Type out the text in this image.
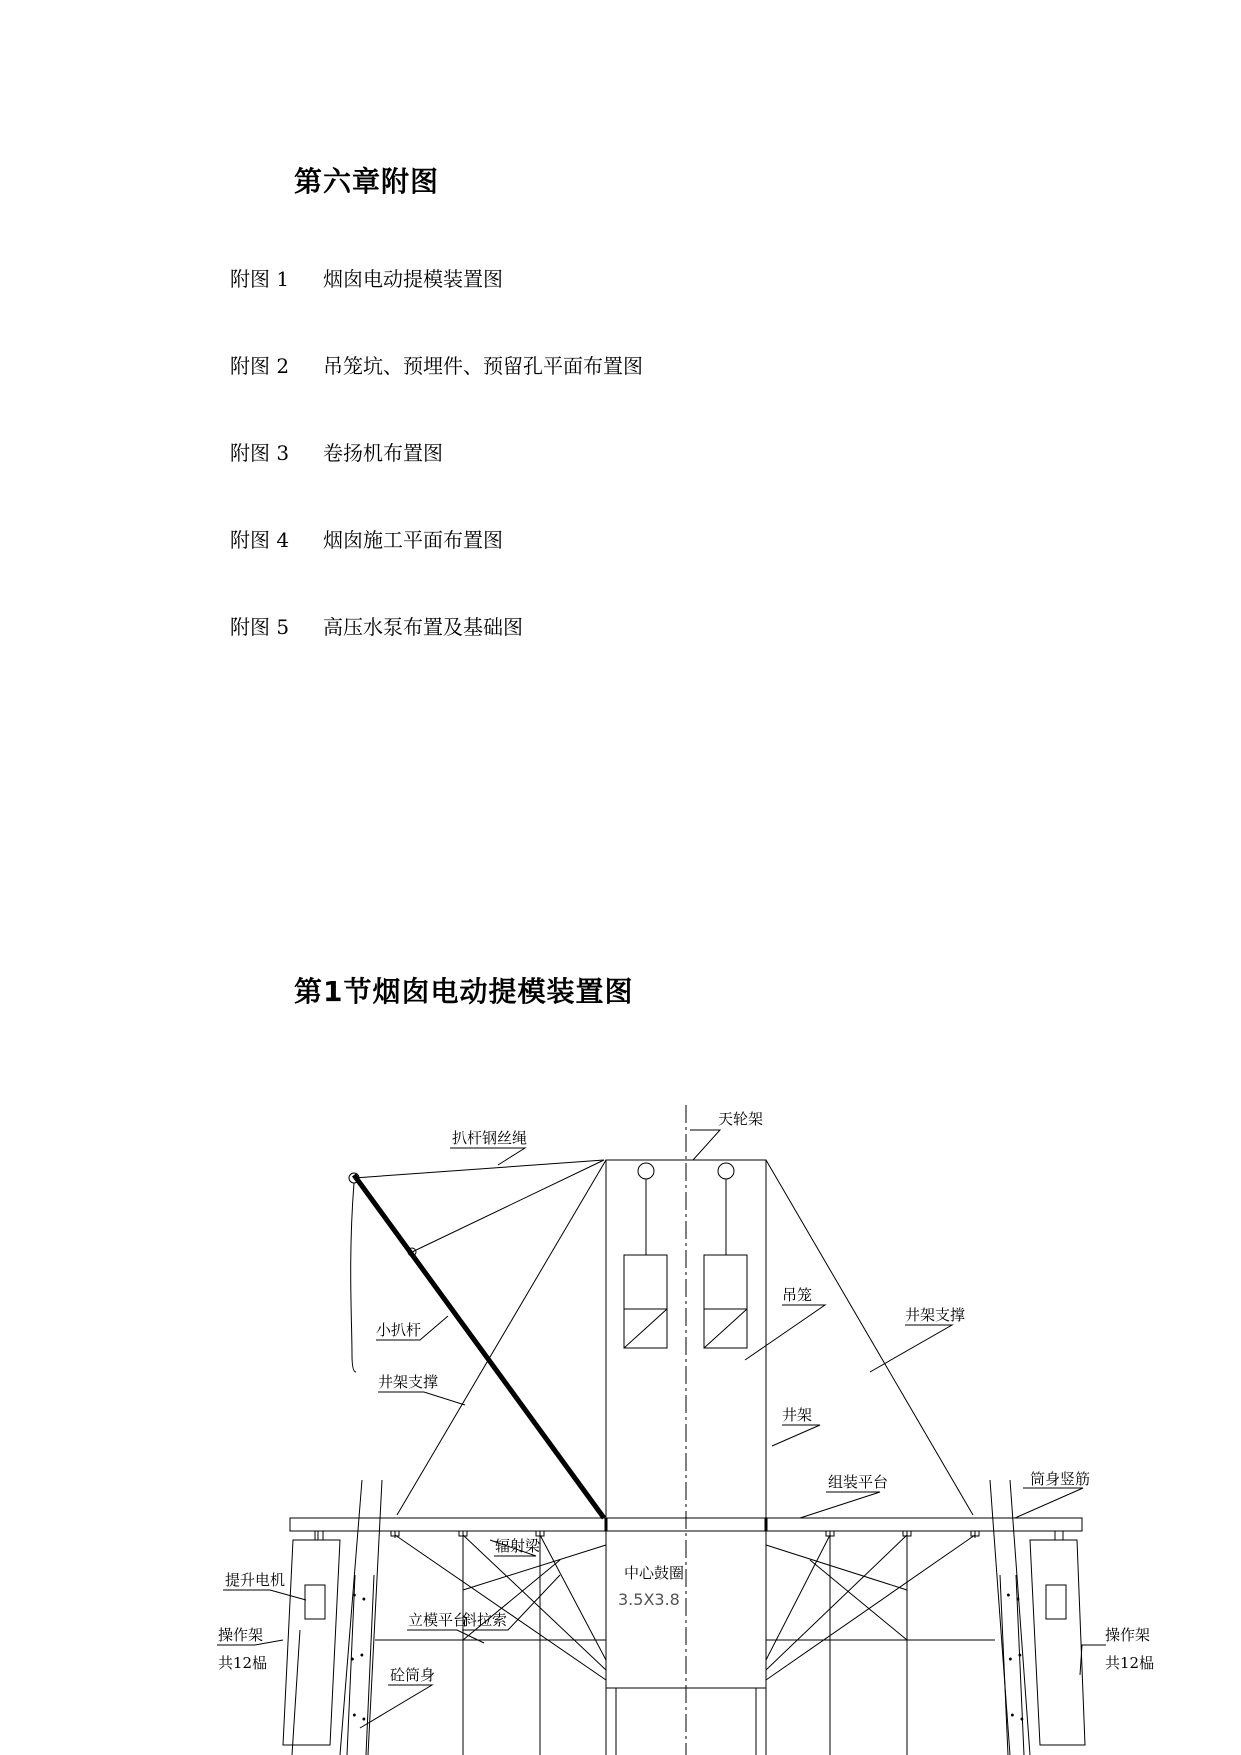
第六章附图
附图 1	烟囱电动提模装置图
附图 2	吊笼坑、预埋件、预留孔平面布置图
附图 3	卷扬机布置图
附图 4	烟囱施工平面布置图
附图 5	高压水泵布置及基础图
第1节烟囱电动提模装置图
· .
. ·
· .
· .
. ·
· .
天轮架
扒杆钢丝绳
小扒杆
井架支撑
吊笼
井架支撑
井架
组装平台	筒身竖筋
辐射梁
提升电机
操作架
共12榀
立模平台
斜拉索
中心鼓圈
3.5X3.8
砼筒身
操作架
共12榀
